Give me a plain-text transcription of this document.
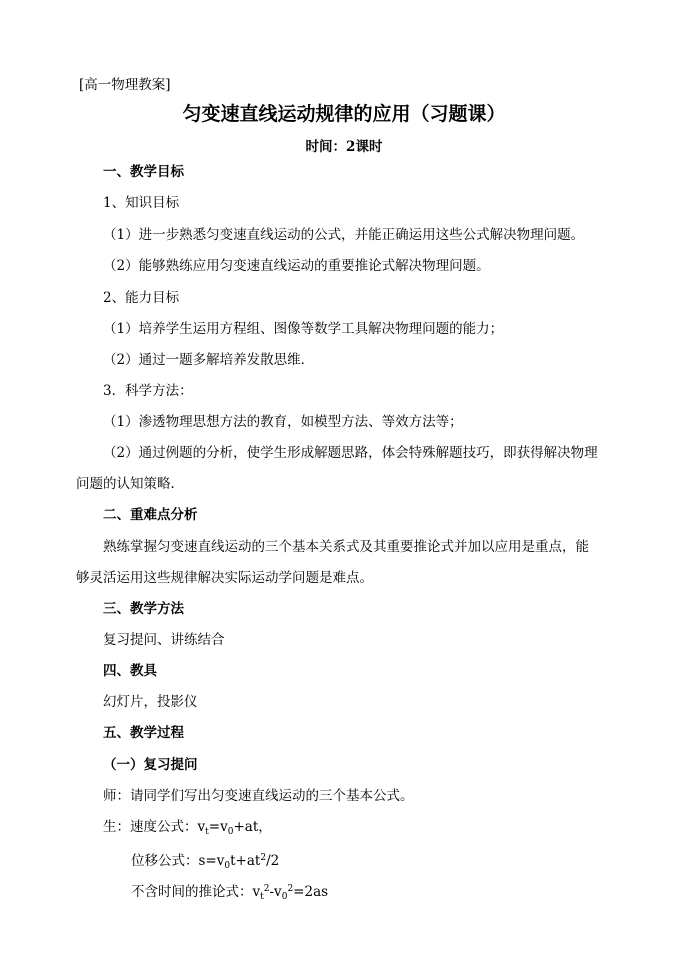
[高一物理教案]
匀变速直线运动规律的应用（习题课）
时间：2课时
一、教学目标
1、知识目标
（1）进一步熟悉匀变速直线运动的公式，并能正确运用这些公式解决物理问题。
（2）能够熟练应用匀变速直线运动的重要推论式解决物理问题。
2、能力目标
（1）培养学生运用方程组、图像等数学工具解决物理问题的能力；
（2）通过一题多解培养发散思维．
3．科学方法：
（1）渗透物理思想方法的教育，如模型方法、等效方法等；
（2）通过例题的分析，使学生形成解题思路，体会特殊解题技巧，即获得解决物理
问题的认知策略．
二、重难点分析
熟练掌握匀变速直线运动的三个基本关系式及其重要推论式并加以应用是重点，能
够灵活运用这些规律解决实际运动学问题是难点。
三、教学方法
复习提问、讲练结合
四、教具
幻灯片，投影仪
五、教学过程
（一）复习提问
师：请同学们写出匀变速直线运动的三个基本公式。
生：速度公式：$v_t=v_0+at$，
位移公式：$s=v_0t+at^2/2$
不含时间的推论式：$v_t^2-v_0^2=2as$
